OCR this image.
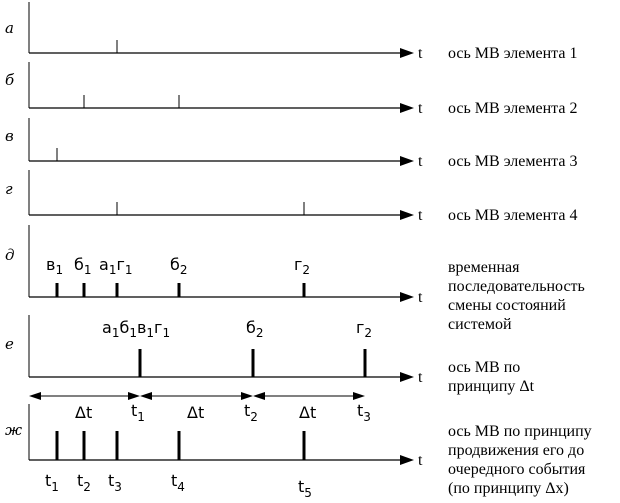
t
t
t
t
t
t
t
а
б
в
г
д
е
ж
$в_1$ $б_1$ $а_1г_1$ $б_2$	$г_2$
$а_1б_1в_1г_1$	$б_2$	$г_2$
$t_1$	$t_2$	$t_3$
Δt	Δt	Δt
$t_1$ $t_2$ $t_3$	$t_4$	$t_5$
ось МВ элемента 1
ось МВ элемента 2
ось МВ элемента 3
ось МВ элемента 4
временная последовательность смены состояний системой
ось МВ по принципу Δt
ось МВ по принципу продвижения его до очередного события (по принципу Δx)
